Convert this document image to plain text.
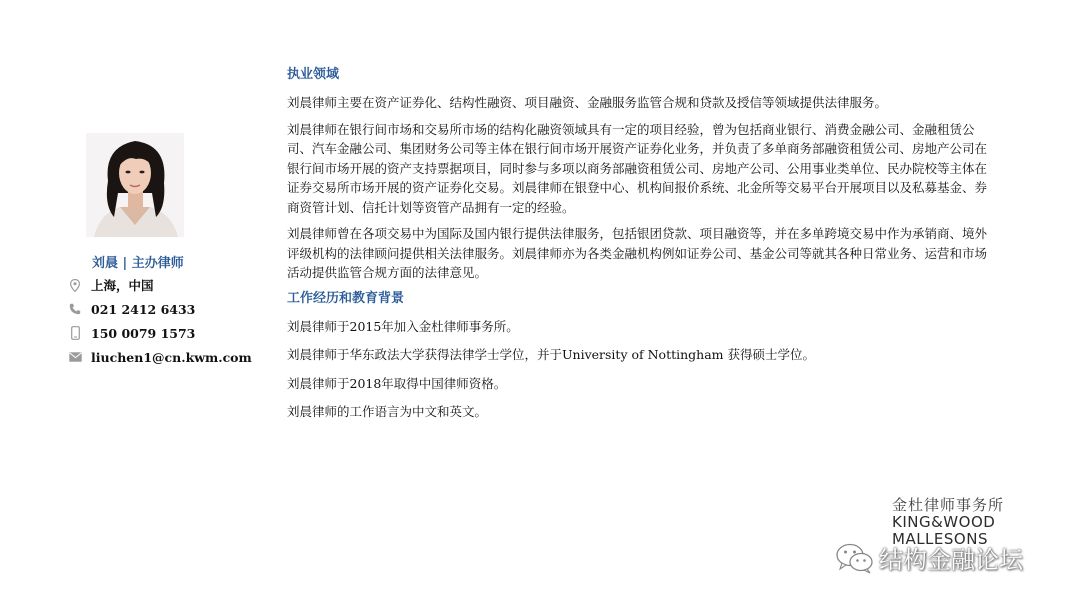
刘晨 | 主办律师
上海，中国
021 2412 6433
150 0079 1573
liuchen1@cn.kwm.com
执业领域

刘晨律师主要在资产证券化、结构性融资、项目融资、金融服务监管合规和贷款及授信等领域提供法律服务。

刘晨律师在银行间市场和交易所市场的结构化融资领域具有一定的项目经验，曾为包括商业银行、消费金融公司、金融租赁公司、汽车金融公司、集团财务公司等主体在银行间市场开展资产证券化业务，并负责了多单商务部融资租赁公司、房地产公司在银行间市场开展的资产支持票据项目，同时参与多项以商务部融资租赁公司、房地产公司、公用事业类单位、民办院校等主体在证券交易所市场开展的资产证券化交易。刘晨律师在银登中心、机构间报价系统、北金所等交易平台开展项目以及私募基金、券商资管计划、信托计划等资管产品拥有一定的经验。

刘晨律师曾在各项交易中为国际及国内银行提供法律服务，包括银团贷款、项目融资等，并在多单跨境交易中作为承销商、境外评级机构的法律顾问提供相关法律服务。刘晨律师亦为各类金融机构例如证券公司、基金公司等就其各种日常业务、运营和市场活动提供监管合规方面的法律意见。

工作经历和教育背景

刘晨律师于2015年加入金杜律师事务所。

刘晨律师于华东政法大学获得法律学士学位，并于University of Nottingham 获得硕士学位。

刘晨律师于2018年取得中国律师资格。

刘晨律师的工作语言为中文和英文。

金杜律师事务所
KING&WOOD
MALLESONS
结构金融论坛
